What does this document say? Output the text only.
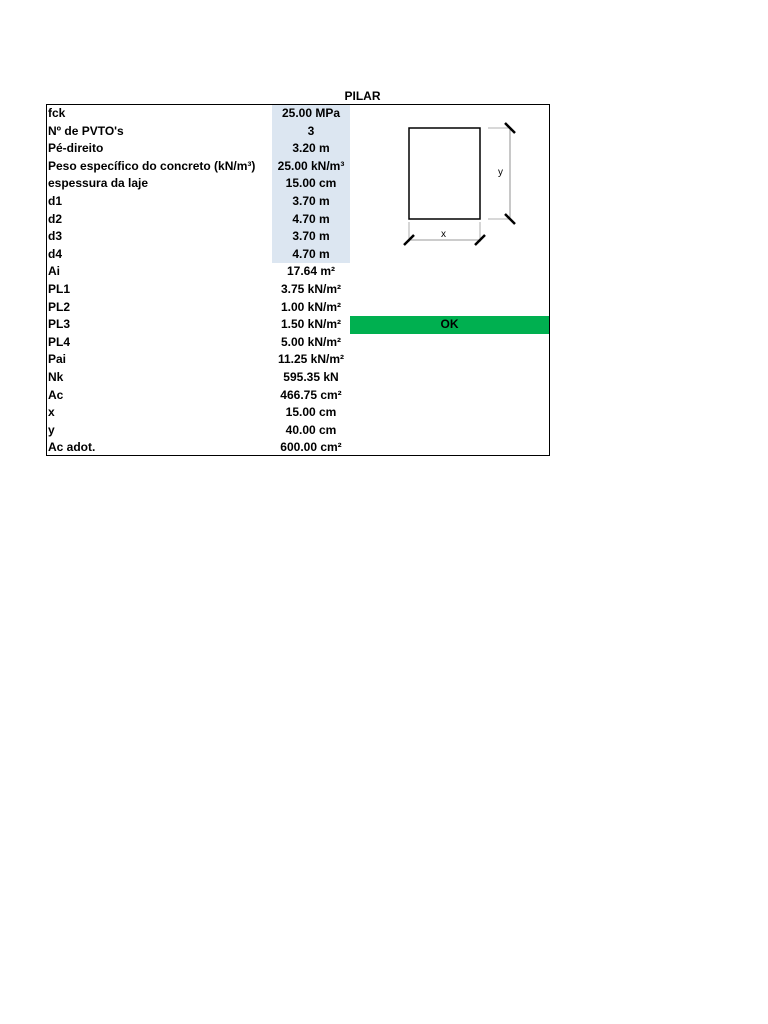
PILAR
fck	25.00 MPa
Nº de PVTO's	3
Pé-direito	3.20 m
Peso específico do concreto (kN/m³)	25.00 kN/m³
espessura da laje	15.00 cm
d1	3.70 m
d2	4.70 m
d3	3.70 m
d4	4.70 m
Ai	17.64 m²
PL1	3.75 kN/m²
PL2	1.00 kN/m²
PL3	1.50 kN/m²	OK
PL4	5.00 kN/m²
Pai	11.25 kN/m²
Nk	595.35 kN
Ac	466.75 cm²
x	15.00 cm
y	40.00 cm
Ac adot.	600.00 cm²
y
x
